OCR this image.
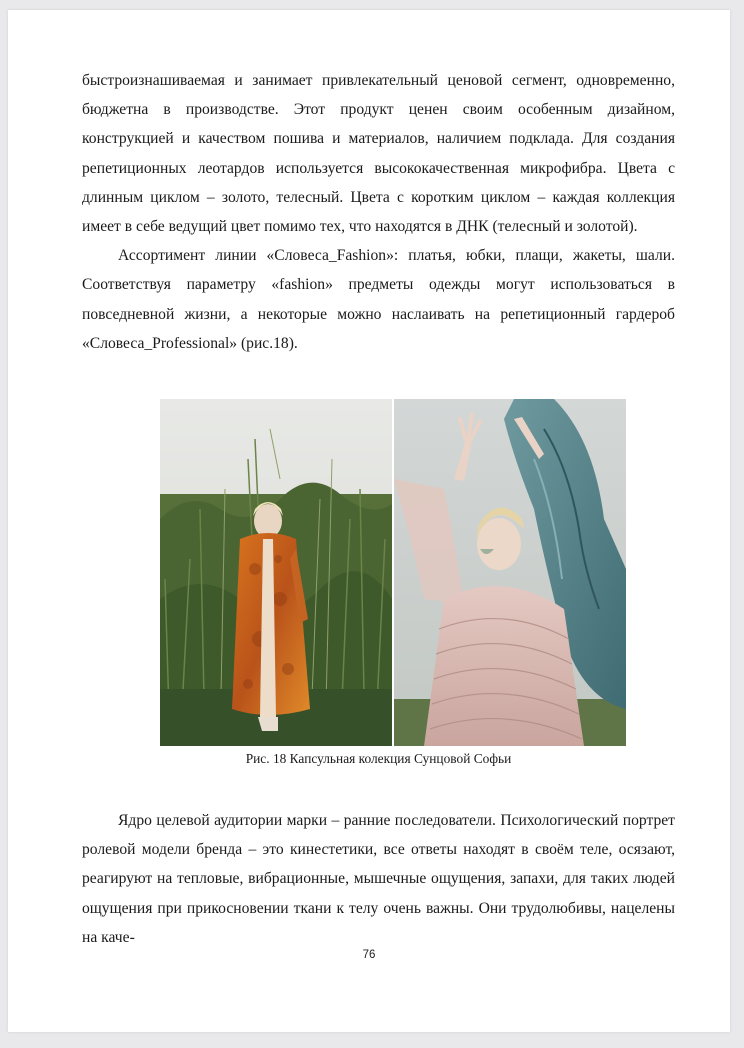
быстроизнашиваемая и занимает привлекательный ценовой сегмент, одновременно, бюджетна в производстве. Этот продукт ценен своим особенным дизайном, конструкцией и качеством пошива и материалов, наличием подклада. Для создания репетиционных леотардов используется высококачественная микрофибра. Цвета с длинным циклом – золото, телесный. Цвета с коротким циклом – каждая коллекция имеет в себе ведущий цвет помимо тех, что находятся в ДНК (телесный и золотой).

Ассортимент линии «Словеса_Fashion»: платья, юбки, плащи, жакеты, шали. Соответствуя параметру «fashion» предметы одежды могут использоваться в повседневной жизни, а некоторые можно наслаивать на репетиционный гардероб «Словеса_Professional» (рис.18).

Рис. 18 Капсульная колекция Сунцовой Софьи

Ядро целевой аудитории марки – ранние последователи. Психологический портрет ролевой модели бренда – это кинестетики, все ответы находят в своём теле, осязают, реагируют на тепловые, вибрационные, мышечные ощущения, запахи, для таких людей ощущения при прикосновении ткани к телу очень важны. Они трудолюбивы, нацелены на каче-

76
